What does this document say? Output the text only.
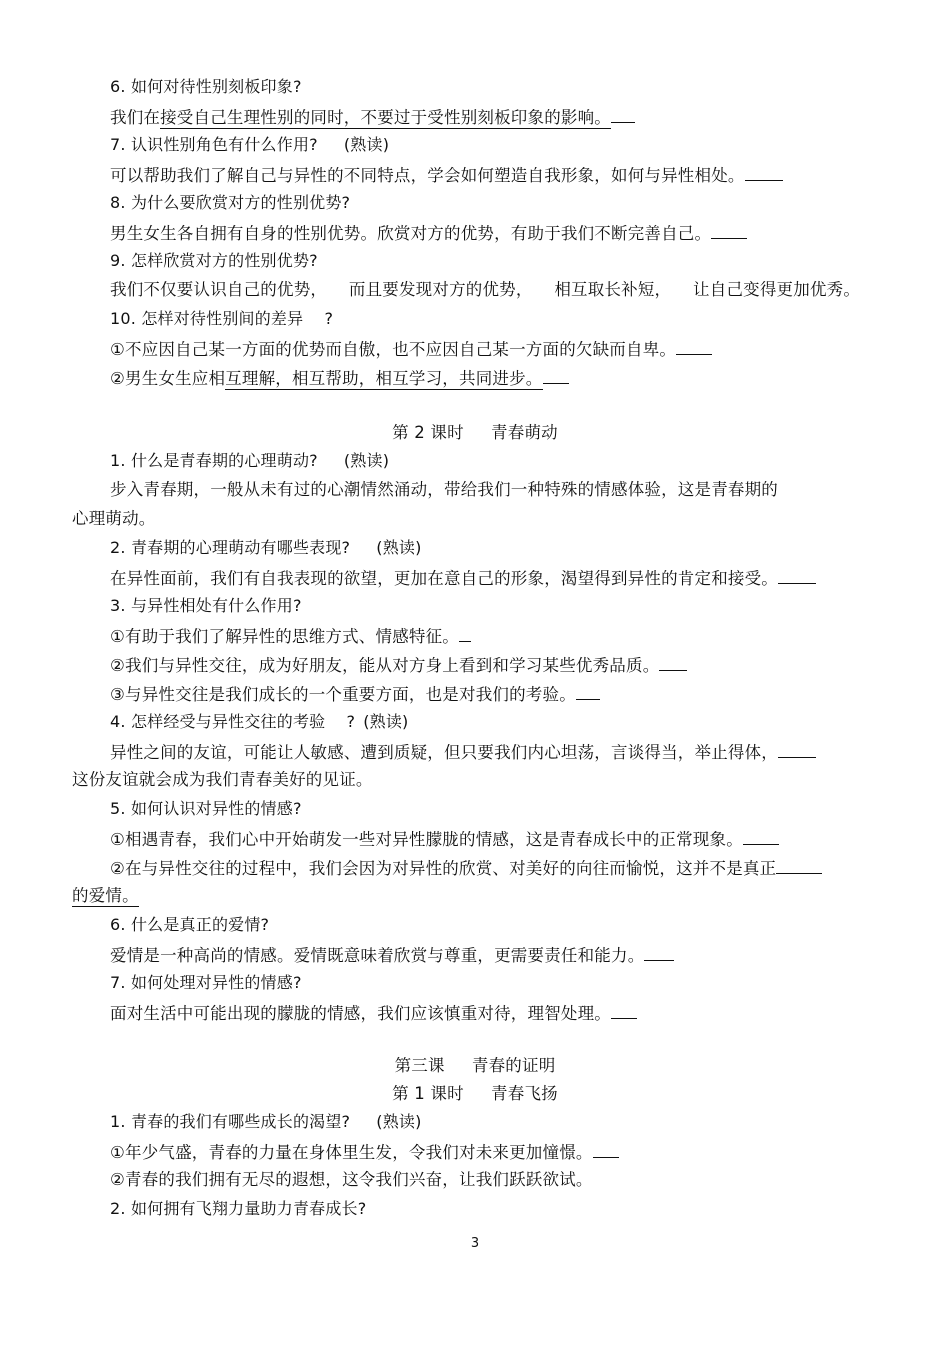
6. 如何对待性别刻板印象?
我们在接受自己生理性别的同时，不要过于受性别刻板印象的影响。
7. 认识性别角色有什么作用? (熟读)
可以帮助我们了解自己与异性的不同特点，学会如何塑造自我形象，如何与异性相处。
8. 为什么要欣赏对方的性别优势?
男生女生各自拥有自身的性别优势。欣赏对方的优势，有助于我们不断完善自己。
9. 怎样欣赏对方的性别优势?
我们不仅要认识自己的优势，    而且要发现对方的优势，    相互取长补短，    让自己变得更加优秀。
10. 怎样对待性别间的差异    ?
①不应因自己某一方面的优势而自傲，也不应因自己某一方面的欠缺而自卑。
②男生女生应相互理解，相互帮助，相互学习，共同进步。
第 2 课时     青春萌动
1. 什么是青春期的心理萌动? (熟读)
步入青春期，一般从未有过的心潮情然涌动，带给我们一种特殊的情感体验，这是青春期的
心理萌动。
2. 青春期的心理萌动有哪些表现? (熟读)
在异性面前，我们有自我表现的欲望，更加在意自己的形象，渴望得到异性的肯定和接受。
3. 与异性相处有什么作用?
①有助于我们了解异性的思维方式、情感特征。
②我们与异性交往，成为好朋友，能从对方身上看到和学习某些优秀品质。
③与异性交往是我们成长的一个重要方面，也是对我们的考验。
4. 怎样经受与异性交往的考验    ? (熟读)
异性之间的友谊，可能让人敏感、遭到质疑，但只要我们内心坦荡，言谈得当，举止得体，
这份友谊就会成为我们青春美好的见证。
5. 如何认识对异性的情感?
①相遇青春，我们心中开始萌发一些对异性朦胧的情感，这是青春成长中的正常现象。
②在与异性交往的过程中，我们会因为对异性的欣赏、对美好的向往而愉悦，这并不是真正
的爱情。
6. 什么是真正的爱情?
爱情是一种高尚的情感。爱情既意味着欣赏与尊重，更需要责任和能力。
7. 如何处理对异性的情感?
面对生活中可能出现的朦胧的情感，我们应该慎重对待，理智处理。
第三课     青春的证明
第 1 课时     青春飞扬
1. 青春的我们有哪些成长的渴望? (熟读)
①年少气盛，青春的力量在身体里生发，令我们对未来更加憧憬。
②青春的我们拥有无尽的遐想，这令我们兴奋，让我们跃跃欲试。
2. 如何拥有飞翔力量助力青春成长?
3
